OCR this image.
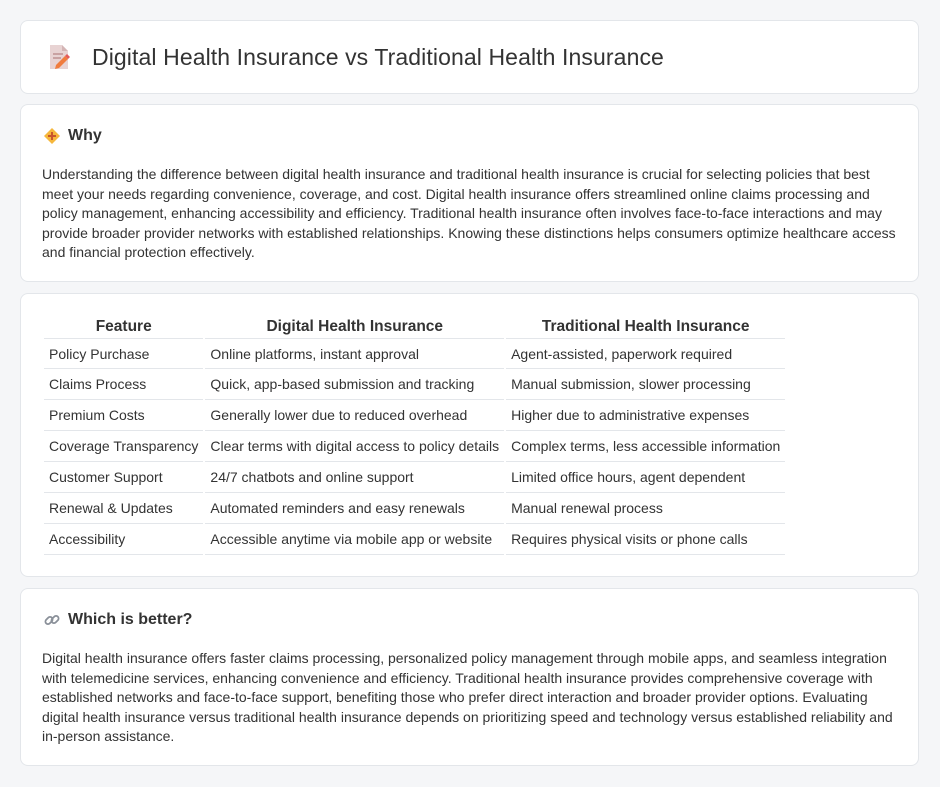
Digital Health Insurance vs Traditional Health Insurance
Why

Understanding the difference between digital health insurance and traditional health insurance is crucial for selecting policies that best meet your needs regarding convenience, coverage, and cost. Digital health insurance offers streamlined online claims processing and policy management, enhancing accessibility and efficiency. Traditional health insurance often involves face-to-face interactions and may provide broader provider networks with established relationships. Knowing these distinctions helps consumers optimize healthcare access and financial protection effectively.

Feature	Digital Health Insurance	Traditional Health Insurance
Policy Purchase	Online platforms, instant approval	Agent-assisted, paperwork required
Claims Process	Quick, app-based submission and tracking	Manual submission, slower processing
Premium Costs	Generally lower due to reduced overhead	Higher due to administrative expenses
Coverage Transparency	Clear terms with digital access to policy details	Complex terms, less accessible information
Customer Support	24/7 chatbots and online support	Limited office hours, agent dependent
Renewal & Updates	Automated reminders and easy renewals	Manual renewal process
Accessibility	Accessible anytime via mobile app or website	Requires physical visits or phone calls
Which is better?

Digital health insurance offers faster claims processing, personalized policy management through mobile apps, and seamless integration with telemedicine services, enhancing convenience and efficiency. Traditional health insurance provides comprehensive coverage with established networks and face-to-face support, benefiting those who prefer direct interaction and broader provider options. Evaluating digital health insurance versus traditional health insurance depends on prioritizing speed and technology versus established reliability and in-person assistance.
